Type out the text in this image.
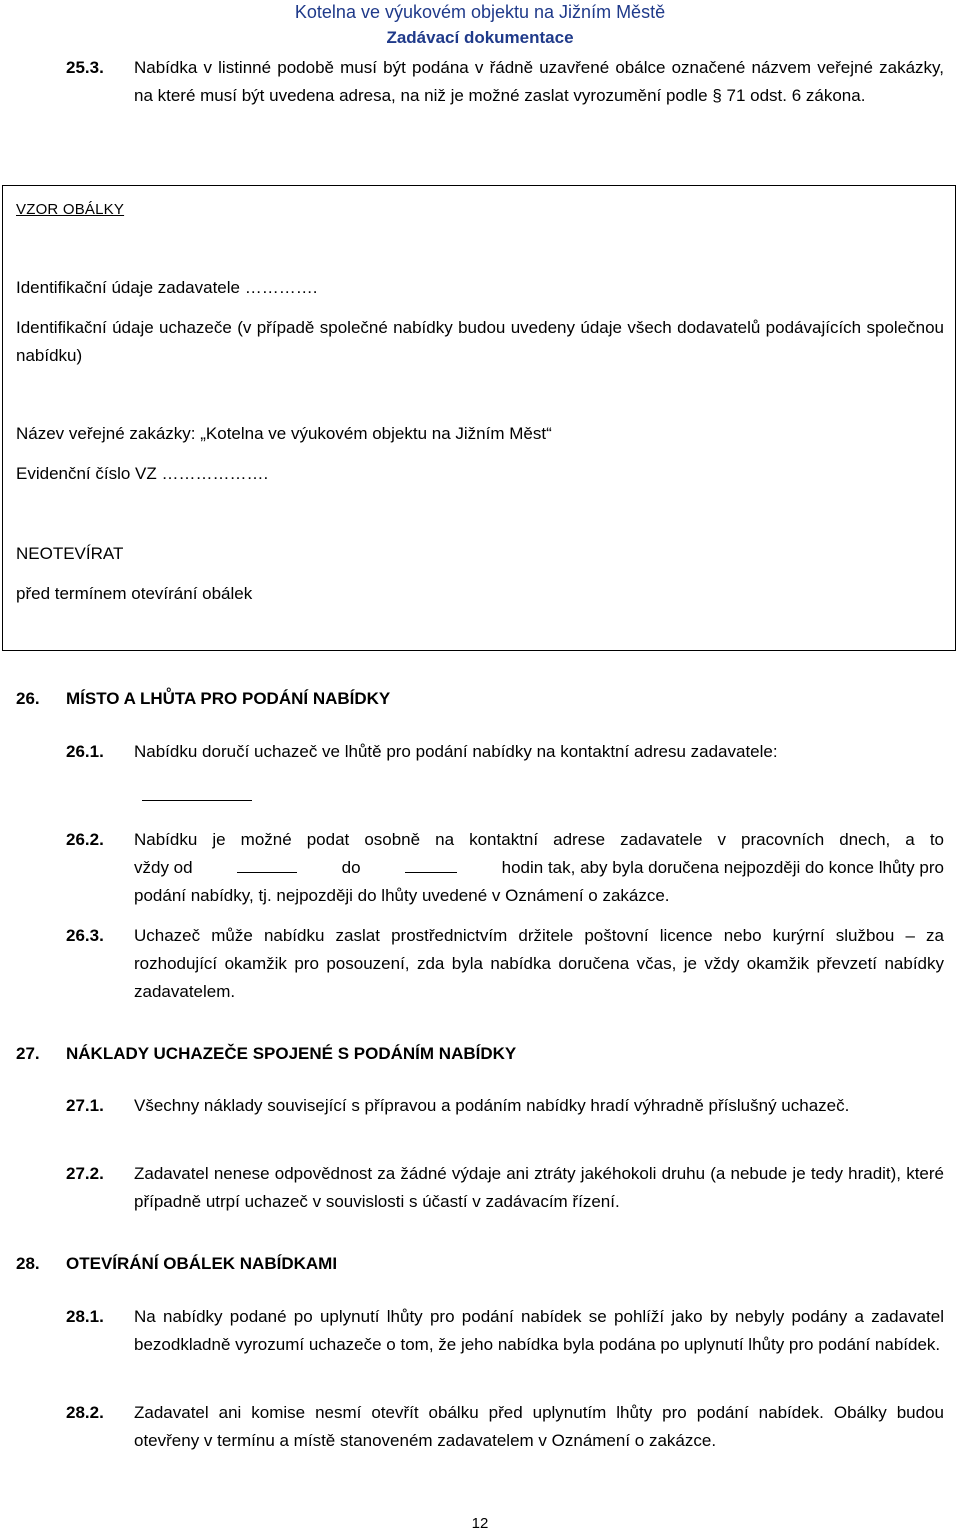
Kotelna ve výukovém objektu na Jižním Městě
Zadávací dokumentace
25.3. Nabídka v listinné podobě musí být podána v řádně uzavřené obálce označené názvem veřejné zakázky, na které musí být uvedena adresa, na niž je možné zaslat vyrozumění podle § 71 odst. 6 zákona.
VZOR OBÁLKY
Identifikační údaje zadavatele ………….
Identifikační údaje uchazeče (v případě společné nabídky budou uvedeny údaje všech dodavatelů podávajících společnou nabídku)
Název veřejné zakázky: „Kotelna ve výukovém objektu na Jižním Měst“
Evidenční číslo VZ ……………….
NEOTEVÍRAT
před termínem otevírání obálek
26. MÍSTO A LHŮTA PRO PODÁNÍ NABÍDKY
26.1. Nabídku doručí uchazeč ve lhůtě pro podání nabídky na kontaktní adresu zadavatele:
26.2. Nabídku je možné podat osobně na kontaktní adrese zadavatele v pracovních dnech, a to
vždy od	do	hodin tak, aby byla doručena nejpozději do konce lhůty pro
podání nabídky, tj. nejpozději do lhůty uvedené v Oznámení o zakázce.
26.3. Uchazeč může nabídku zaslat prostřednictvím držitele poštovní licence nebo kurýrní službou – za rozhodující okamžik pro posouzení, zda byla nabídka doručena včas, je vždy okamžik převzetí nabídky zadavatelem.
27. NÁKLADY UCHAZEČE SPOJENÉ S PODÁNÍM NABÍDKY
27.1. Všechny náklady související s přípravou a podáním nabídky hradí výhradně příslušný uchazeč.
27.2. Zadavatel nenese odpovědnost za žádné výdaje ani ztráty jakéhokoli druhu (a nebude je tedy hradit), které případně utrpí uchazeč v souvislosti s účastí v zadávacím řízení.
28. OTEVÍRÁNÍ OBÁLEK NABÍDKAMI
28.1. Na nabídky podané po uplynutí lhůty pro podání nabídek se pohlíží jako by nebyly podány a zadavatel bezodkladně vyrozumí uchazeče o tom, že jeho nabídka byla podána po uplynutí lhůty pro podání nabídek.
28.2. Zadavatel ani komise nesmí otevřít obálku před uplynutím lhůty pro podání nabídek. Obálky budou otevřeny v termínu a místě stanoveném zadavatelem v Oznámení o zakázce.
12
